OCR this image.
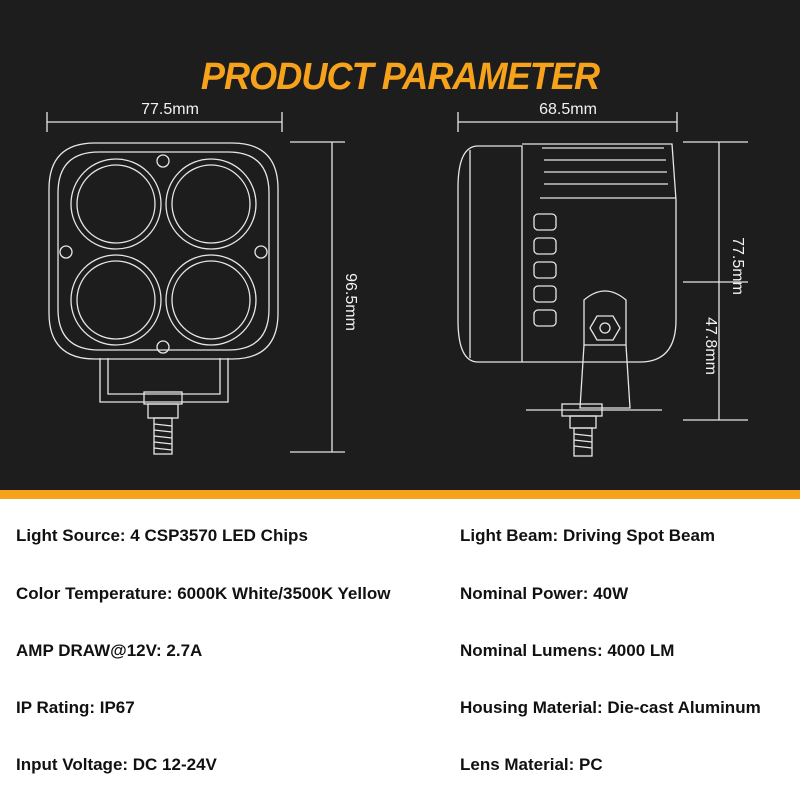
77.5mm	68.5mm
96.5mm
77.5mm
47.8mm
PRODUCT PARAMETER
Light Source: 4 CSP3570 LED Chips
Color Temperature: 6000K White/3500K Yellow
AMP DRAW@12V: 2.7A
IP Rating: IP67
Input Voltage: DC 12-24V
Light Beam: Driving Spot Beam
Nominal Power: 40W
Nominal Lumens: 4000 LM
Housing Material: Die-cast Aluminum
Lens Material: PC
